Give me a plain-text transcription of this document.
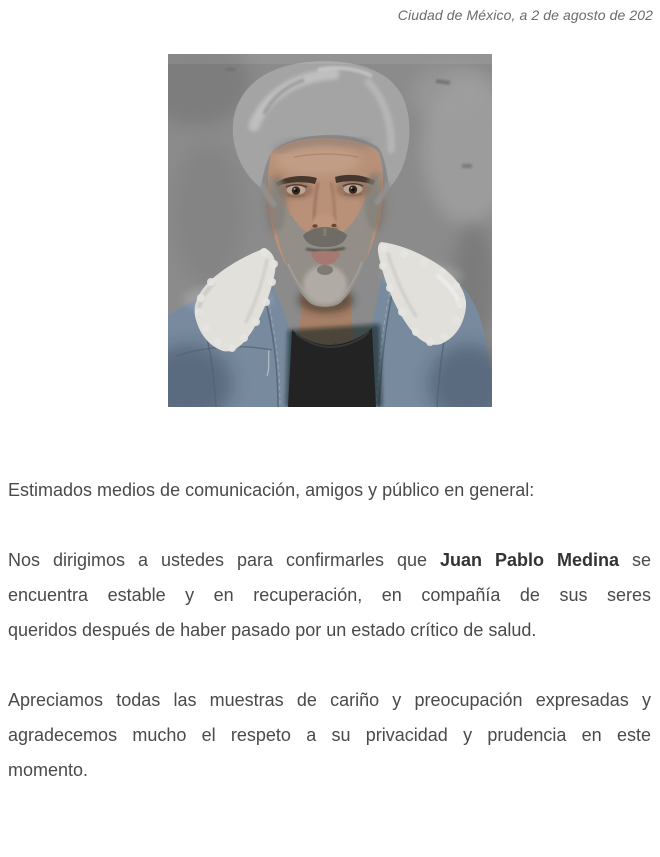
Ciudad de México, a 2 de agosto de 202
Estimados medios de comunicación, amigos y público en general:
Nos dirigimos a ustedes para confirmarles que Juan Pablo Medina se
encuentra estable y en recuperación, en compañía de sus seres
queridos después de haber pasado por un estado crítico de salud.
Apreciamos todas las muestras de cariño y preocupación expresadas y
agradecemos mucho el respeto a su privacidad y prudencia en este
momento.
